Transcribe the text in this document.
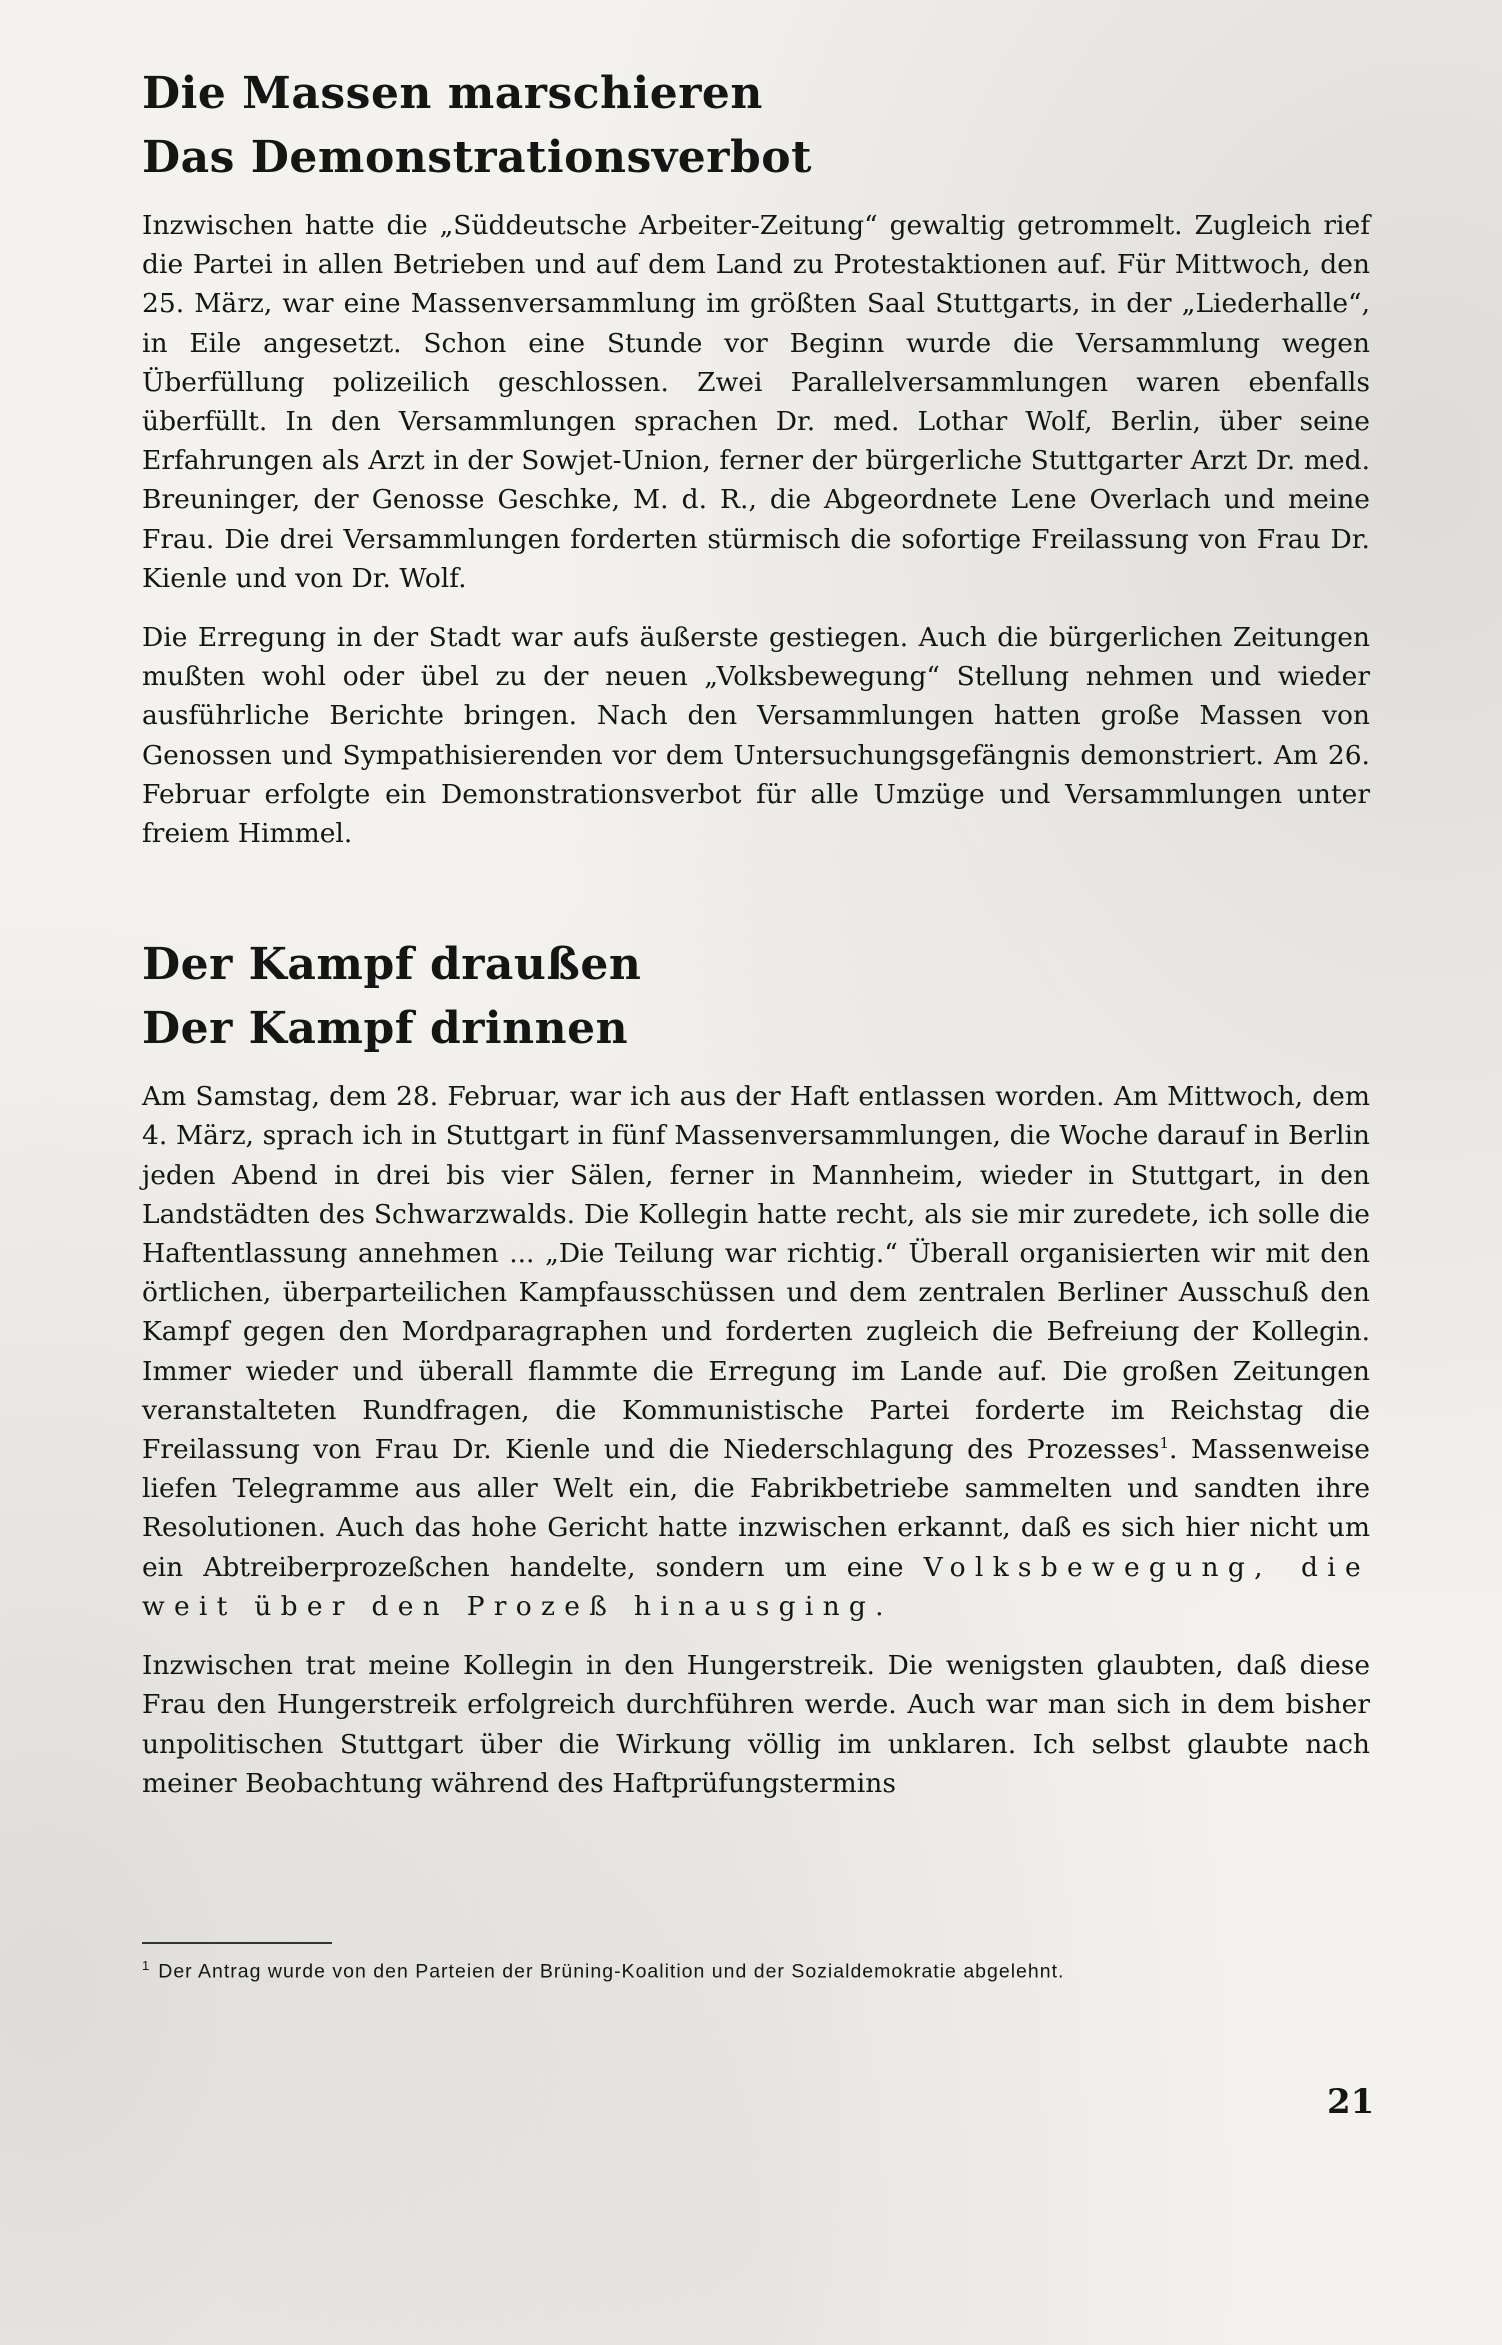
Die Massen marschieren
Das Demonstrationsverbot

Inzwischen hatte die „Süddeutsche Arbeiter-Zeitung“ gewaltig getrommelt. Zugleich rief die Partei in allen Betrieben und auf dem Land zu Protestaktionen auf. Für Mittwoch, den 25. März, war eine Massenversammlung im größten Saal Stuttgarts, in der „Liederhalle“, in Eile angesetzt. Schon eine Stunde vor Beginn wurde die Versammlung wegen Überfüllung polizeilich geschlossen. Zwei Parallelversammlungen waren ebenfalls überfüllt. In den Versammlungen sprachen Dr. med. Lothar Wolf, Berlin, über seine Erfahrungen als Arzt in der Sowjet-Union, ferner der bürgerliche Stuttgarter Arzt Dr. med. Breuninger, der Genosse Geschke, M. d. R., die Abgeordnete Lene Overlach und meine Frau. Die drei Versammlungen forderten stürmisch die sofortige Freilassung von Frau Dr. Kienle und von Dr. Wolf.

Die Erregung in der Stadt war aufs äußerste gestiegen. Auch die bürgerlichen Zeitungen mußten wohl oder übel zu der neuen „Volksbewegung“ Stellung nehmen und wieder ausführliche Berichte bringen. Nach den Versammlungen hatten große Massen von Genossen und Sympathisierenden vor dem Untersuchungsgefängnis demonstriert. Am 26. Februar erfolgte ein Demonstrationsverbot für alle Umzüge und Versammlungen unter freiem Himmel.

Der Kampf draußen
Der Kampf drinnen

Am Samstag, dem 28. Februar, war ich aus der Haft entlassen worden. Am Mittwoch, dem 4. März, sprach ich in Stuttgart in fünf Massenversammlungen, die Woche darauf in Berlin jeden Abend in drei bis vier Sälen, ferner in Mannheim, wieder in Stuttgart, in den Landstädten des Schwarzwalds. Die Kollegin hatte recht, als sie mir zuredete, ich solle die Haftentlassung annehmen ... „Die Teilung war richtig.“ Überall organisierten wir mit den örtlichen, überparteilichen Kampfausschüssen und dem zentralen Berliner Ausschuß den Kampf gegen den Mordparagraphen und forderten zugleich die Befreiung der Kollegin. Immer wieder und überall flammte die Erregung im Lande auf. Die großen Zeitungen veranstalteten Rundfragen, die Kommunistische Partei forderte im Reichstag die Freilassung von Frau Dr. Kienle und die Niederschlagung des Prozesses$^1$. Massenweise liefen Telegramme aus aller Welt ein, die Fabrikbetriebe sammelten und sandten ihre Resolutionen. Auch das hohe Gericht hatte inzwischen erkannt, daß es sich hier nicht um ein Abtreiberprozeßchen handelte, sondern um eine Volksbewegung, die weit über den Prozeß hinausging.

Inzwischen trat meine Kollegin in den Hungerstreik. Die wenigsten glaubten, daß diese Frau den Hungerstreik erfolgreich durchführen werde. Auch war man sich in dem bisher unpolitischen Stuttgart über die Wirkung völlig im unklaren. Ich selbst glaubte nach meiner Beobachtung während des Haftprüfungstermins

$^1$ Der Antrag wurde von den Parteien der Brüning-Koalition und der Sozialdemokratie abgelehnt.
21
